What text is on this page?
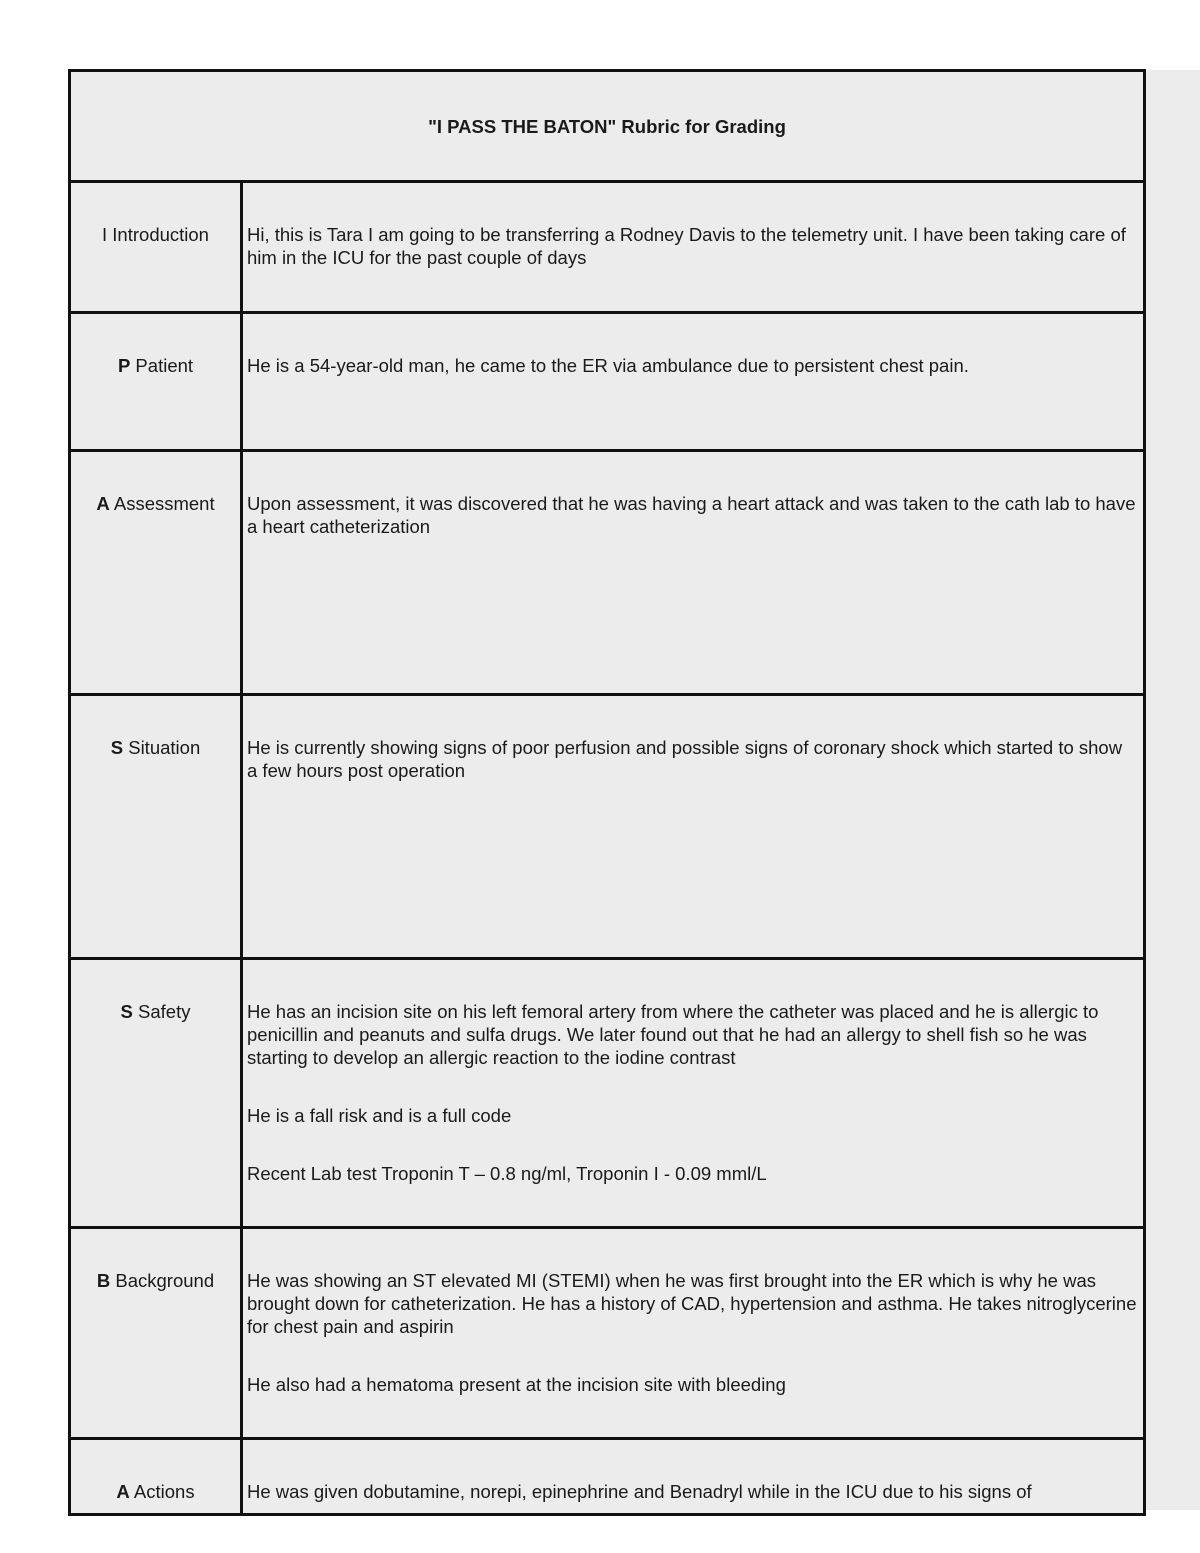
"I PASS THE BATON" Rubric for Grading	
I Introduction	Hi, this is Tara I am going to be transferring a Rodney Davis to the telemetry unit. I have been taking care of him in the ICU for the past couple of days

P Patient	He is a 54-year-old man, he came to the ER via ambulance due to persistent chest pain.

A Assessment	Upon assessment, it was discovered that he was having a heart attack and was taken to the cath lab to have a heart catheterization

S Situation	He is currently showing signs of poor perfusion and possible signs of coronary shock which started to show a few hours post operation

S Safety	He has an incision site on his left femoral artery from where the catheter was placed and he is allergic to penicillin and peanuts and sulfa drugs. We later found out that he had an allergy to shell fish so he was starting to develop an allergic reaction to the iodine contrast

He is a fall risk and is a full code

Recent Lab test Troponin T – 0.8 ng/ml, Troponin I - 0.09 mml/L

B Background	He was showing an ST elevated MI (STEMI) when he was first brought into the ER which is why he was brought down for catheterization. He has a history of CAD, hypertension and asthma. He takes nitroglycerine for chest pain and aspirin

He also had a hematoma present at the incision site with bleeding

A Actions	He was given dobutamine, norepi, epinephrine and Benadryl while in the ICU due to his signs of
